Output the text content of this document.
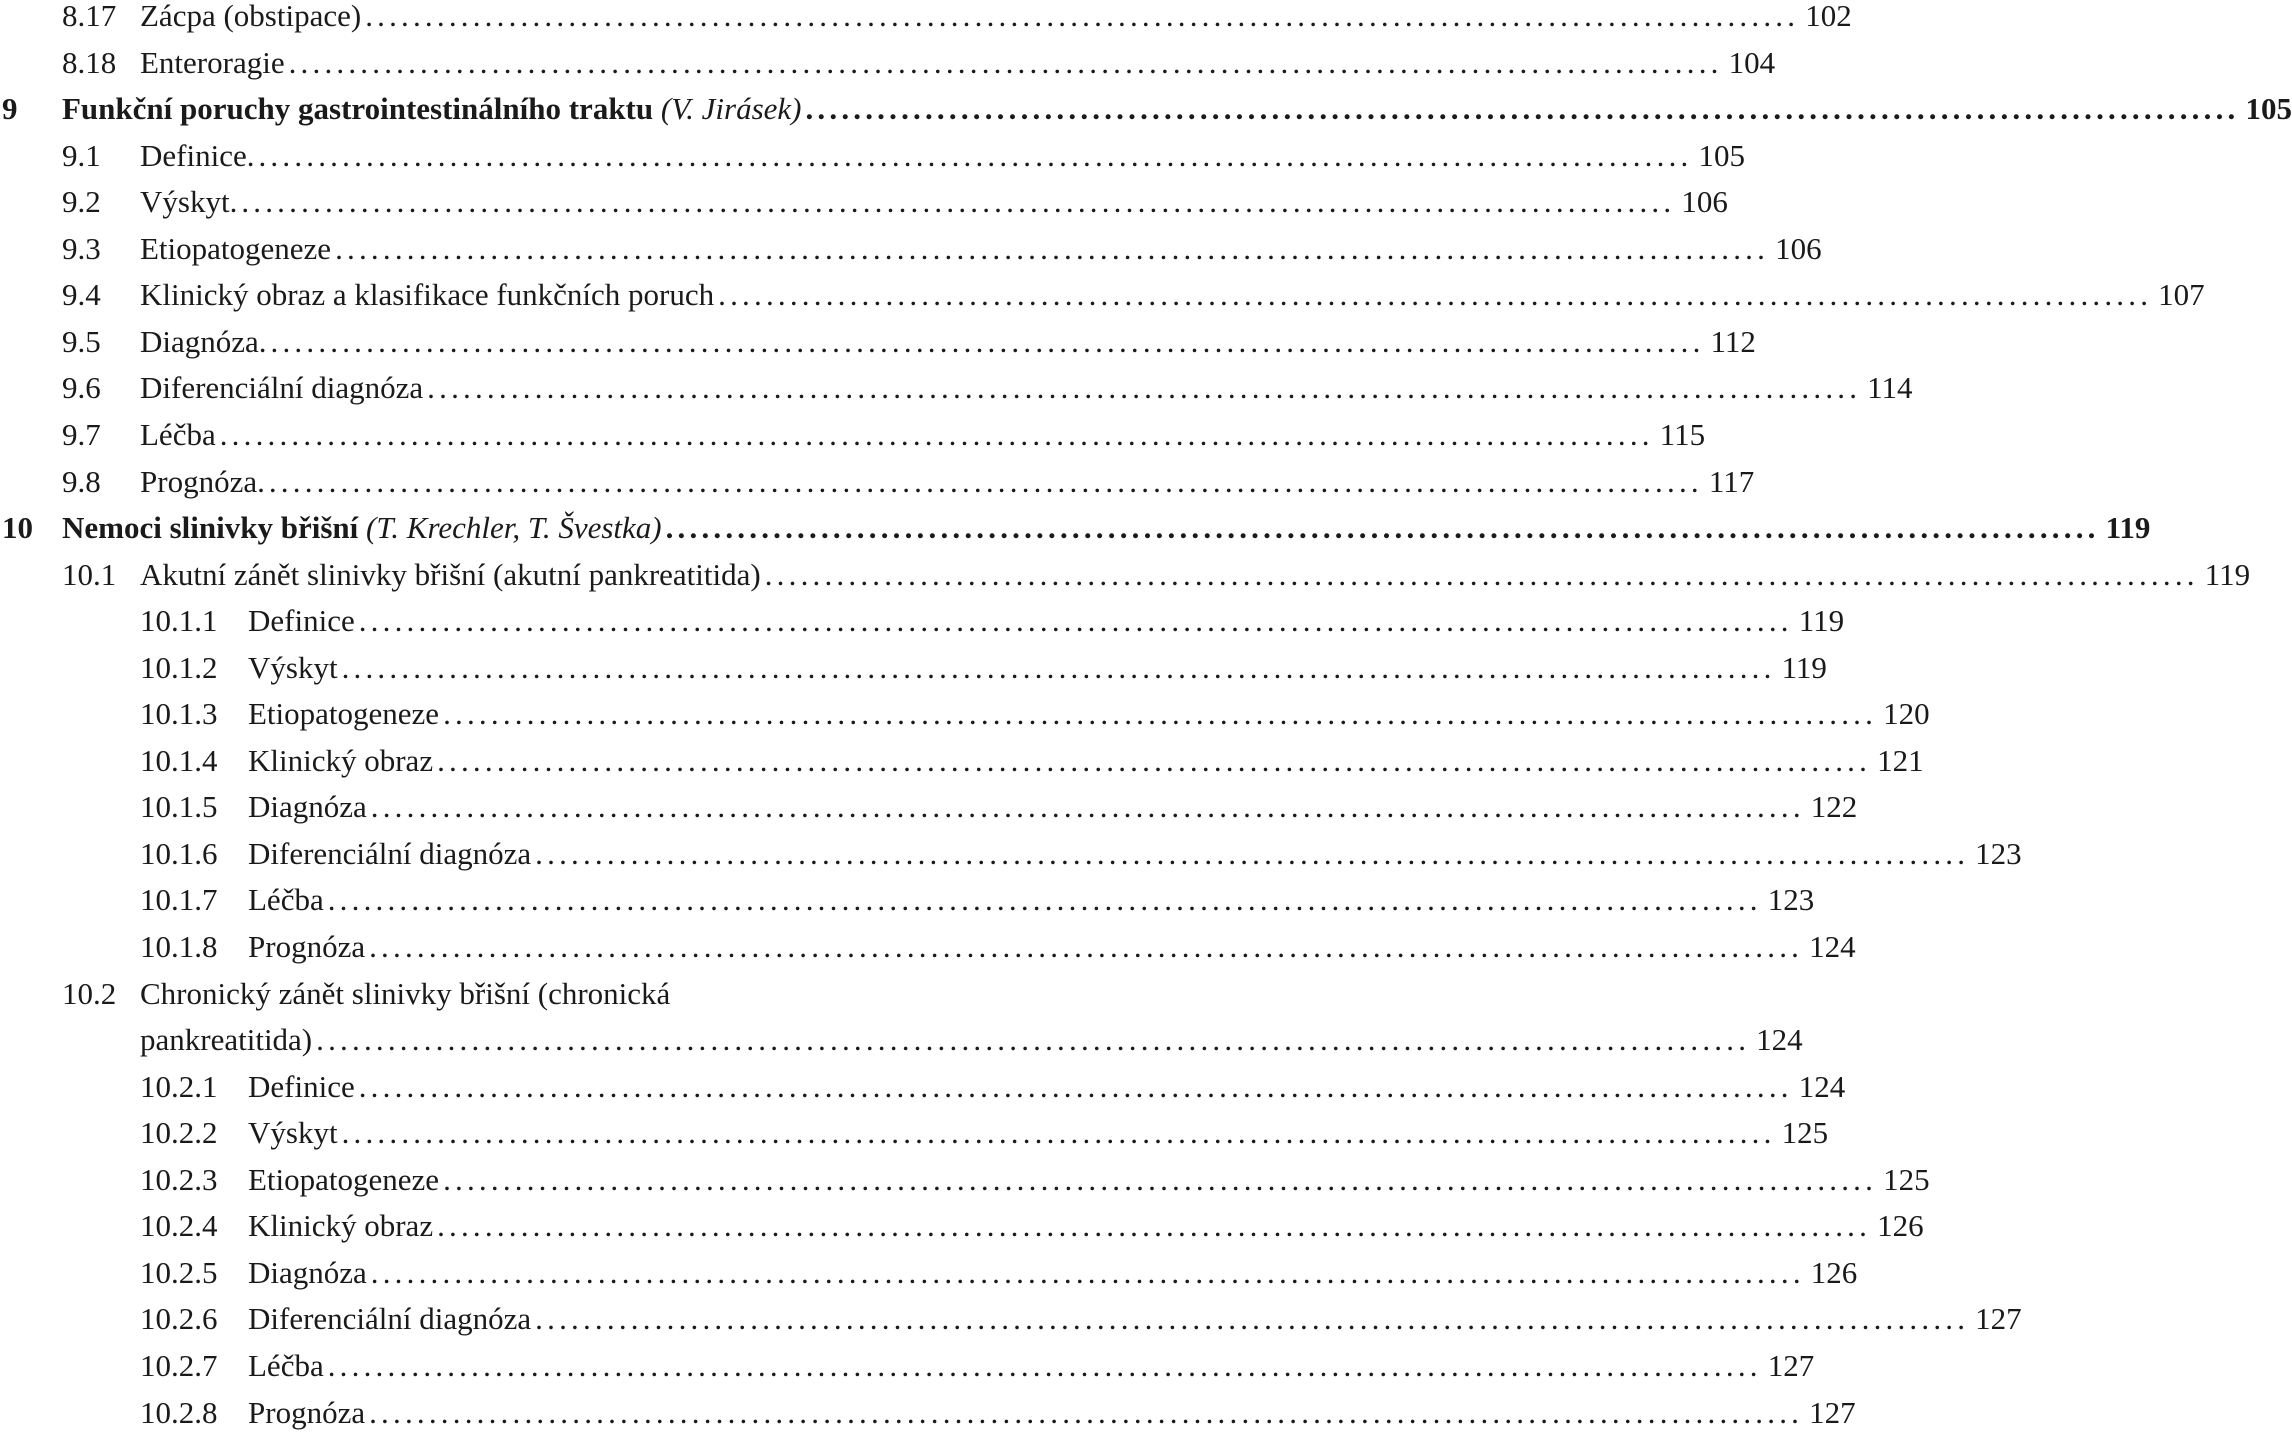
8.17 Zácpa (obstipace) ........................................................................................................................ 102
8.18 Enteroragie ........................................................................................................................ 104
9 Funkční poruchy gastrointestinálního traktu (V. Jirásek) ........................................................................................................................ 105
9.1 Definice. ........................................................................................................................ 105
9.2 Výskyt. ........................................................................................................................ 106
9.3 Etiopatogeneze ........................................................................................................................ 106
9.4 Klinický obraz a klasifikace funkčních poruch ........................................................................................................................ 107
9.5 Diagnóza. ........................................................................................................................ 112
9.6 Diferenciální diagnóza ........................................................................................................................ 114
9.7 Léčba ........................................................................................................................ 115
9.8 Prognóza. ........................................................................................................................ 117
10 Nemoci slinivky břišní (T. Krechler, T. Švestka) ........................................................................................................................ 119
10.1 Akutní zánět slinivky břišní (akutní pankreatitida) ........................................................................................................................ 119
10.1.1 Definice ........................................................................................................................ 119
10.1.2 Výskyt ........................................................................................................................ 119
10.1.3 Etiopatogeneze ........................................................................................................................ 120
10.1.4 Klinický obraz ........................................................................................................................ 121
10.1.5 Diagnóza ........................................................................................................................ 122
10.1.6 Diferenciální diagnóza ........................................................................................................................ 123
10.1.7 Léčba ........................................................................................................................ 123
10.1.8 Prognóza ........................................................................................................................ 124
10.2 Chronický zánět slinivky břišní (chronická
pankreatitida) ........................................................................................................................ 124
10.2.1 Definice ........................................................................................................................ 124
10.2.2 Výskyt ........................................................................................................................ 125
10.2.3 Etiopatogeneze ........................................................................................................................ 125
10.2.4 Klinický obraz ........................................................................................................................ 126
10.2.5 Diagnóza ........................................................................................................................ 126
10.2.6 Diferenciální diagnóza ........................................................................................................................ 127
10.2.7 Léčba ........................................................................................................................ 127
10.2.8 Prognóza ........................................................................................................................ 127
